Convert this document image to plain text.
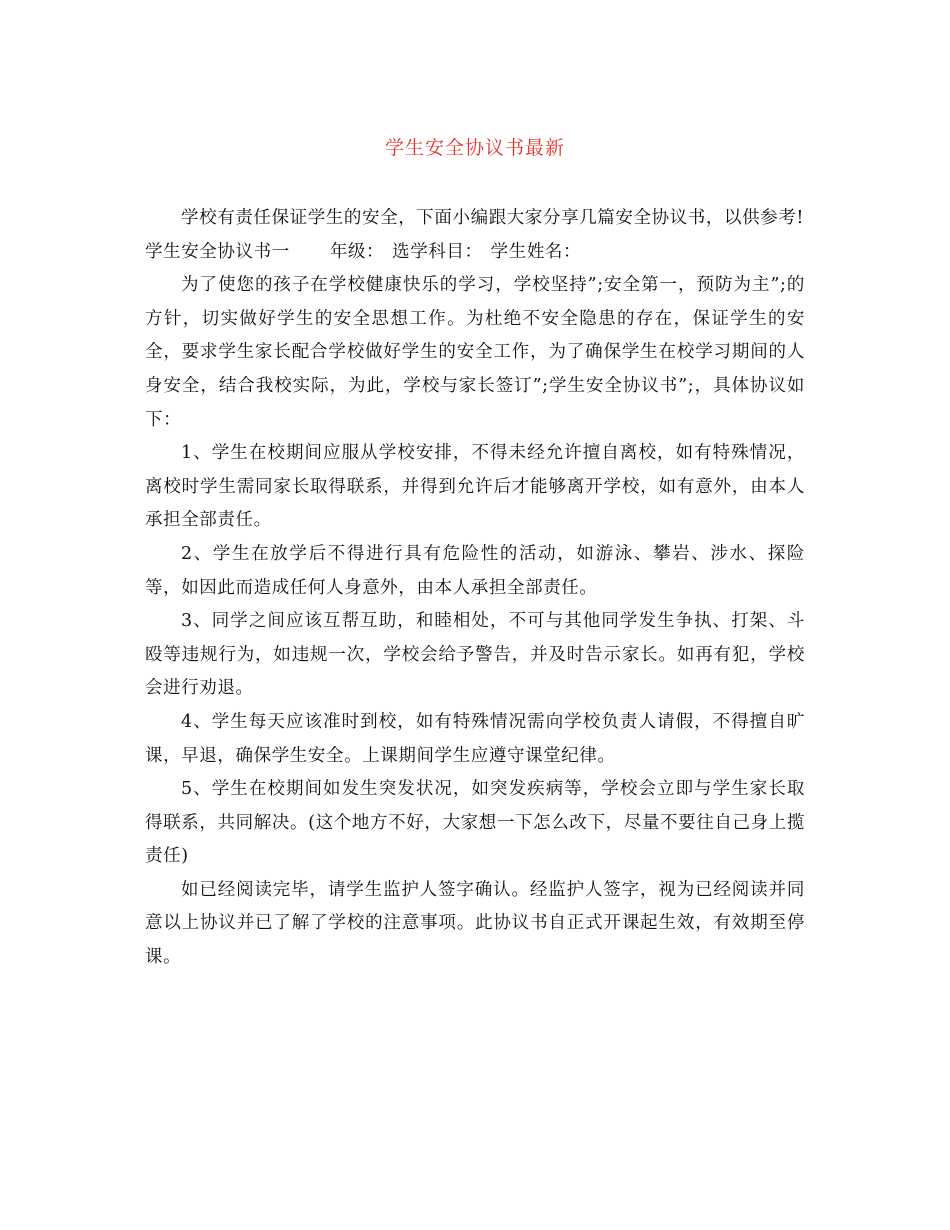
学生安全协议书最新

学校有责任保证学生的安全，下面小编跟大家分享几篇安全协议书，以供参考!

学生安全协议书一 年级： 选学科目： 学生姓名：

为了使您的孩子在学校健康快乐的学习，学校坚持”;安全第一，预防为主”;的方针，切实做好学生的安全思想工作。为杜绝不安全隐患的存在，保证学生的安全，要求学生家长配合学校做好学生的安全工作，为了确保学生在校学习期间的人身安全，结合我校实际，为此，学校与家长签订”;学生安全协议书”;，具体协议如下：

1、学生在校期间应服从学校安排，不得未经允许擅自离校，如有特殊情况，离校时学生需同家长取得联系，并得到允许后才能够离开学校，如有意外，由本人承担全部责任。

2、学生在放学后不得进行具有危险性的活动，如游泳、攀岩、涉水、探险等，如因此而造成任何人身意外，由本人承担全部责任。

3、同学之间应该互帮互助，和睦相处，不可与其他同学发生争执、打架、斗殴等违规行为，如违规一次，学校会给予警告，并及时告示家长。如再有犯，学校会进行劝退。

4、学生每天应该准时到校，如有特殊情况需向学校负责人请假，不得擅自旷课，早退，确保学生安全。上课期间学生应遵守课堂纪律。

5、学生在校期间如发生突发状况，如突发疾病等，学校会立即与学生家长取得联系，共同解决。(这个地方不好，大家想一下怎么改下，尽量不要往自己身上揽责任)

如已经阅读完毕，请学生监护人签字确认。经监护人签字，视为已经阅读并同意以上协议并已了解了学校的注意事项。此协议书自正式开课起生效，有效期至停课。
